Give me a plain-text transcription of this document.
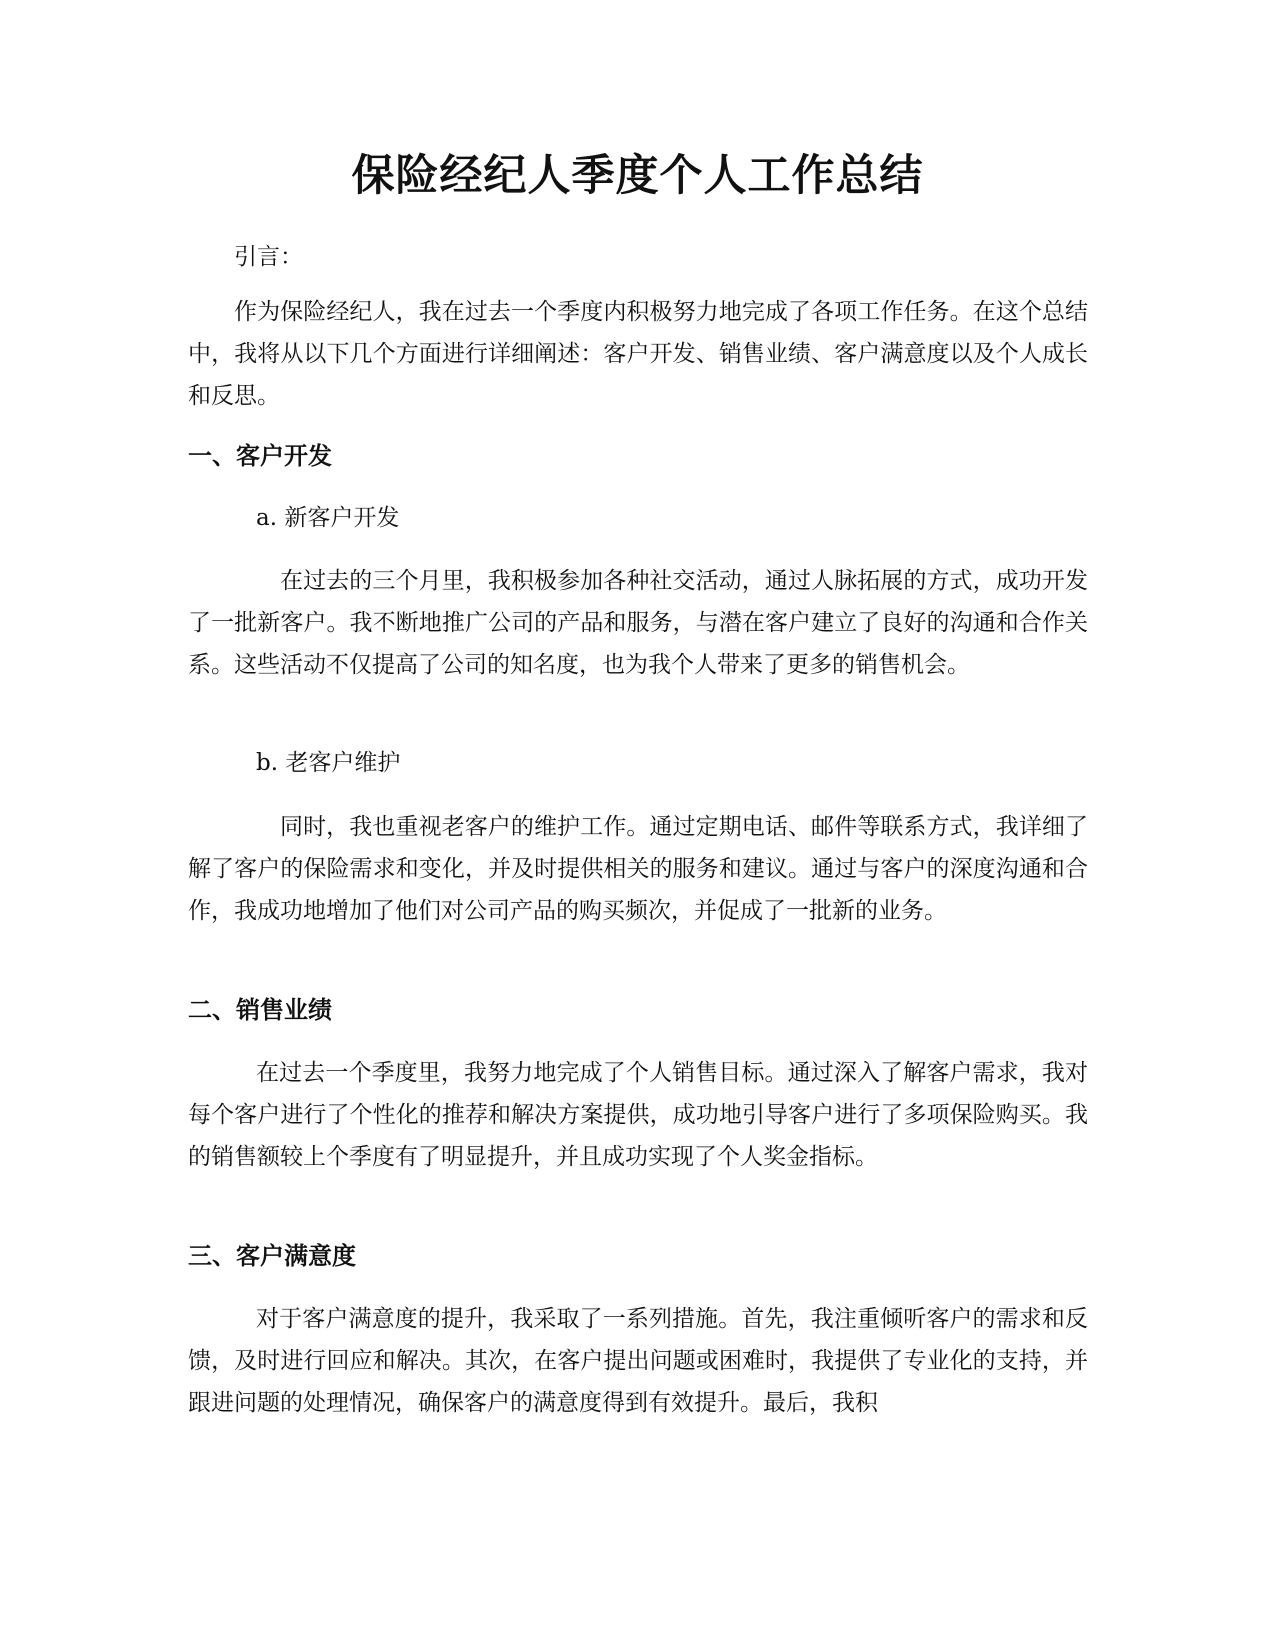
保险经纪人季度个人工作总结

引言：

作为保险经纪人，我在过去一个季度内积极努力地完成了各项工作任务。在这个总结中，我将从以下几个方面进行详细阐述：客户开发、销售业绩、客户满意度以及个人成长和反思。

一、客户开发

a. 新客户开发

在过去的三个月里，我积极参加各种社交活动，通过人脉拓展的方式，成功开发了一批新客户。我不断地推广公司的产品和服务，与潜在客户建立了良好的沟通和合作关系。这些活动不仅提高了公司的知名度，也为我个人带来了更多的销售机会。

b. 老客户维护

同时，我也重视老客户的维护工作。通过定期电话、邮件等联系方式，我详细了解了客户的保险需求和变化，并及时提供相关的服务和建议。通过与客户的深度沟通和合作，我成功地增加了他们对公司产品的购买频次，并促成了一批新的业务。

二、销售业绩

在过去一个季度里，我努力地完成了个人销售目标。通过深入了解客户需求，我对每个客户进行了个性化的推荐和解决方案提供，成功地引导客户进行了多项保险购买。我的销售额较上个季度有了明显提升，并且成功实现了个人奖金指标。

三、客户满意度

对于客户满意度的提升，我采取了一系列措施。首先，我注重倾听客户的需求和反馈，及时进行回应和解决。其次，在客户提出问题或困难时，我提供了专业化的支持，并跟进问题的处理情况，确保客户的满意度得到有效提升。最后，我积
